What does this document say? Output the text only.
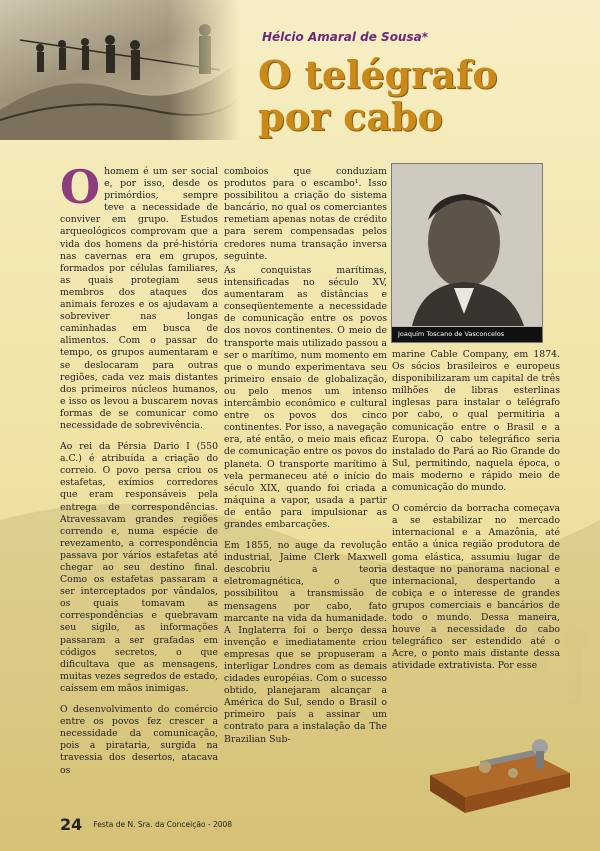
Hélcio Amaral de Sousa*
O telégrafo
por cabo

Ohomem é um ser social e, por isso, desde os primórdios, sempre teve a necessidade de conviver em grupo. Estudos arqueológicos comprovam que a vida dos homens da pré-história nas cavernas era em grupos, formados por células familiares, as quais protegiam seus membros dos ataques dos animais ferozes e os ajudavam a sobreviver nas longas caminhadas em busca de alimentos. Com o passar do tempo, os grupos aumentaram e se deslocaram para outras regiões, cada vez mais distantes dos primeiros núcleos humanos, e isso os levou a buscarem novas formas de se comunicar como necessidade de sobrevivência.

Ao rei da Pérsia Dario I (550 a.C.) é atribuída a criação do correio. O povo persa criou os estafetas, exímios corredores que eram responsáveis pela entrega de correspondências. Atravessavam grandes regiões correndo e, numa espécie de revezamento, a correspondência passava por vários estafetas até chegar ao seu destino final. Como os estafetas passaram a ser interceptados por vândalos, os quais tomavam as correspondências e quebravam seu sigilo, as informações passaram a ser grafadas em códigos secretos, o que dificultava que as mensagens, muitas vezes segredos de estado, caíssem em mãos inimigas.

O desenvolvimento do comércio entre os povos fez crescer a necessidade da comunicação, pois a pirataria, surgida na travessia dos desertos, atacava os

comboios que conduziam produtos para o escambo¹. Isso possibilitou a criação do sistema bancário, no qual os comerciantes remetiam apenas notas de crédito para serem compensadas pelos credores numa transação inversa seguinte.

As conquistas marítimas, intensificadas no século XV, aumentaram as distâncias e conseqüentemente a necessidade de comunicação entre os povos dos novos continentes. O meio de transporte mais utilizado passou a ser o marítimo, num momento em que o mundo experimentava seu primeiro ensaio de globalização, ou pelo menos um intenso intercâmbio econômico e cultural entre os povos dos cinco continentes. Por isso, a navegação era, até então, o meio mais eficaz de comunicação entre os povos do planeta. O transporte marítimo à vela permaneceu até o início do século XIX, quando foi criada a máquina a vapor, usada a partir de então para impulsionar as grandes embarcações.

Em 1855, no auge da revolução industrial, Jaime Clerk Maxwell descobriu a teoria eletromagnética, o que possibilitou a transmissão de mensagens por cabo, fato marcante na vida da humanidade. A Inglaterra foi o berço dessa invenção e imediatamente criou empresas que se propuseram a interligar Londres com as demais cidades européias. Com o sucesso obtido, planejaram alcançar a América do Sul, sendo o Brasil o primeiro país a assinar um contrato para a instalação da The Brazilian Sub-

Joaquim Toscano de Vasconcelos

marine Cable Company, em 1874. Os sócios brasileiros e europeus disponibilizaram um capital de três milhões de libras esterlinas inglesas para instalar o telégrafo por cabo, o qual permitiria a comunicação entre o Brasil e a Europa. O cabo telegráfico seria instalado do Pará ao Rio Grande do Sul, permitindo, naquela época, o mais moderno e rápido meio de comunicação do mundo.

O comércio da borracha começava a se estabilizar no mercado internacional e a Amazônia, até então a única região produtora de goma elástica, assumiu lugar de destaque no panorama nacional e internacional, despertando a cobiça e o interesse de grandes grupos comerciais e bancários de todo o mundo. Dessa maneira, houve a necessidade do cabo telegráfico ser estendido até o Acre, o ponto mais distante dessa atividade extrativista. Por esse

24 Festa de N. Sra. da Conceição - 2008
